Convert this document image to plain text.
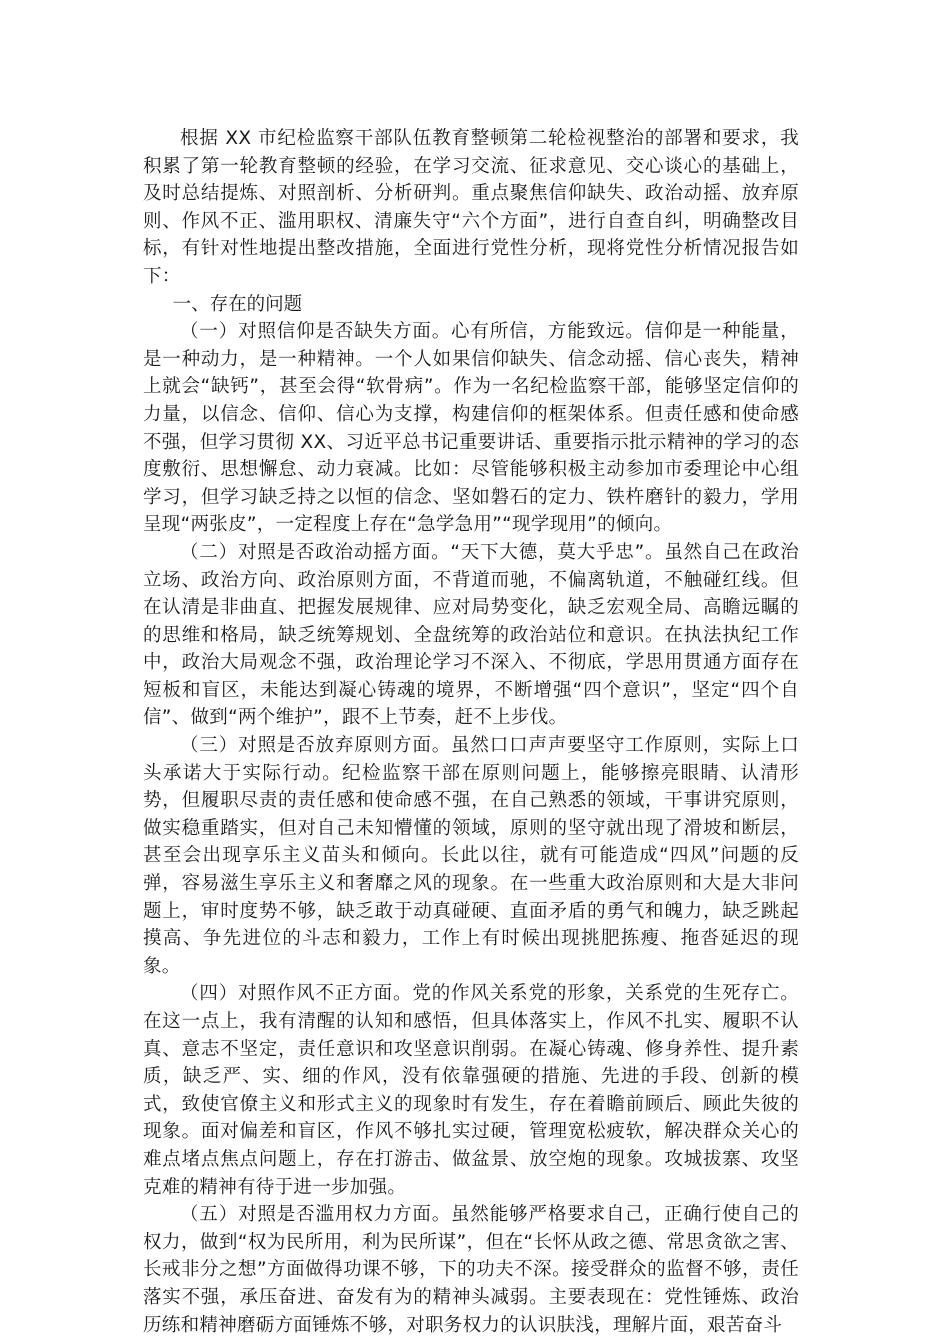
根据 XX 市纪检监察干部队伍教育整顿第二轮检视整治的部署和要求，我积累了第一轮教育整顿的经验，在学习交流、征求意见、交心谈心的基础上，及时总结提炼、对照剖析、分析研判。重点聚焦信仰缺失、政治动摇、放弃原则、作风不正、滥用职权、清廉失守“六个方面”，进行自查自纠，明确整改目标，有针对性地提出整改措施，全面进行党性分析，现将党性分析情况报告如下：

一、存在的问题

（一）对照信仰是否缺失方面。心有所信，方能致远。信仰是一种能量，是一种动力，是一种精神。一个人如果信仰缺失、信念动摇、信心丧失，精神上就会“缺钙”，甚至会得“软骨病”。作为一名纪检监察干部，能够坚定信仰的力量，以信念、信仰、信心为支撑，构建信仰的框架体系。但责任感和使命感不强，但学习贯彻 XX、习近平总书记重要讲话、重要指示批示精神的学习的态度敷衍、思想懈怠、动力衰减。比如：尽管能够积极主动参加市委理论中心组学习，但学习缺乏持之以恒的信念、坚如磐石的定力、铁杵磨针的毅力，学用呈现“两张皮”，一定程度上存在“急学急用”“现学现用”的倾向。

（二）对照是否政治动摇方面。“天下大德，莫大乎忠”。虽然自己在政治立场、政治方向、政治原则方面，不背道而驰，不偏离轨道，不触碰红线。但在认清是非曲直、把握发展规律、应对局势变化，缺乏宏观全局、高瞻远瞩的的思维和格局，缺乏统筹规划、全盘统筹的政治站位和意识。在执法执纪工作中，政治大局观念不强，政治理论学习不深入、不彻底，学思用贯通方面存在短板和盲区，未能达到凝心铸魂的境界，不断增强“四个意识”，坚定“四个自信”、做到“两个维护”，跟不上节奏，赶不上步伐。

（三）对照是否放弃原则方面。虽然口口声声要坚守工作原则，实际上口头承诺大于实际行动。纪检监察干部在原则问题上，能够擦亮眼睛、认清形势，但履职尽责的责任感和使命感不强，在自己熟悉的领域，干事讲究原则，做实稳重踏实，但对自己未知懵懂的领域，原则的坚守就出现了滑坡和断层，甚至会出现享乐主义苗头和倾向。长此以往，就有可能造成“四风”问题的反弹，容易滋生享乐主义和奢靡之风的现象。在一些重大政治原则和大是大非问题上，审时度势不够，缺乏敢于动真碰硬、直面矛盾的勇气和魄力，缺乏跳起摸高、争先进位的斗志和毅力，工作上有时候出现挑肥拣瘦、拖沓延迟的现象。

（四）对照作风不正方面。党的作风关系党的形象，关系党的生死存亡。在这一点上，我有清醒的认知和感悟，但具体落实上，作风不扎实、履职不认真、意志不坚定，责任意识和攻坚意识削弱。在凝心铸魂、修身养性、提升素质，缺乏严、实、细的作风，没有依靠强硬的措施、先进的手段、创新的模式，致使官僚主义和形式主义的现象时有发生，存在着瞻前顾后、顾此失彼的现象。面对偏差和盲区，作风不够扎实过硬，管理宽松疲软，解决群众关心的难点堵点焦点问题上，存在打游击、做盆景、放空炮的现象。攻城拔寨、攻坚克难的精神有待于进一步加强。

（五）对照是否滥用权力方面。虽然能够严格要求自己，正确行使自己的权力，做到“权为民所用，利为民所谋”，但在“长怀从政之德、常思贪欲之害、长戒非分之想”方面做得功课不够，下的功夫不深。接受群众的监督不够，责任落实不强，承压奋进、奋发有为的精神头减弱。主要表现在：党性锤炼、政治历练和精神磨砺方面锤炼不够，对职务权力的认识肤浅，理解片面，艰苦奋斗
